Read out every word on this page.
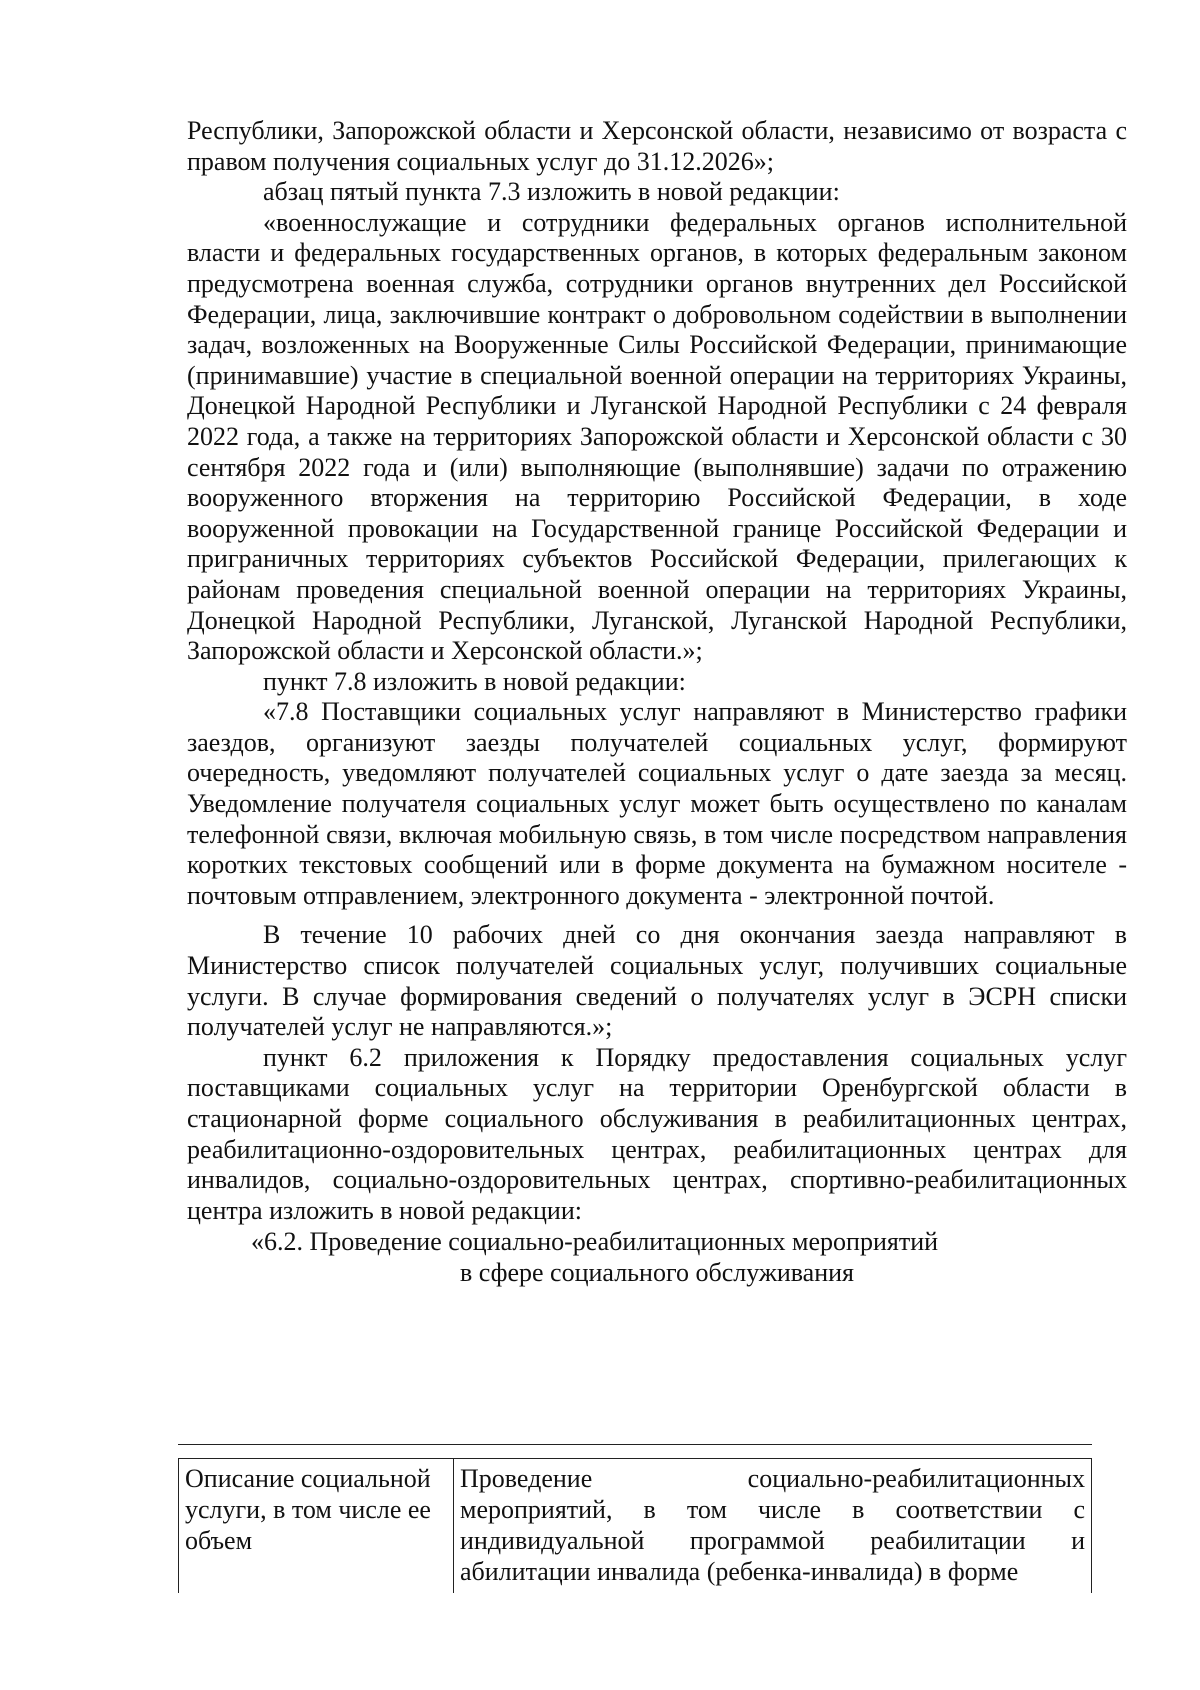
Республики, Запорожской области и Херсонской области, независимо от возраста с правом получения социальных услуг до 31.12.2026»;

абзац пятый пункта 7.3 изложить в новой редакции:

«военнослужащие и сотрудники федеральных органов исполнительной власти и федеральных государственных органов, в которых федеральным законом предусмотрена военная служба, сотрудники органов внутренних дел Российской Федерации, лица, заключившие контракт о добровольном содействии в выполнении задач, возложенных на Вооруженные Силы Российской Федерации, принимающие (принимавшие) участие в специальной военной операции на территориях Украины, Донецкой Народной Республики и Луганской Народной Республики с 24 февраля 2022 года, а также на территориях Запорожской области и Херсонской области с 30 сентября 2022 года и (или) выполняющие (выполнявшие) задачи по отражению вооруженного вторжения на территорию Российской Федерации, в ходе вооруженной провокации на Государственной границе Российской Федерации и приграничных территориях субъектов Российской Федерации, прилегающих к районам проведения специальной военной операции на территориях Украины, Донецкой Народной Республики, Луганской, Луганской Народной Республики, Запорожской области и Херсонской области.»;

пункт 7.8 изложить в новой редакции:

«7.8 Поставщики социальных услуг направляют в Министерство графики заездов, организуют заезды получателей социальных услуг, формируют очередность, уведомляют получателей социальных услуг о дате заезда за месяц. Уведомление получателя социальных услуг может быть осуществлено по каналам телефонной связи, включая мобильную связь, в том числе посредством направления коротких текстовых сообщений или в форме документа на бумажном носителе - почтовым отправлением, электронного документа - электронной почтой.

В течение 10 рабочих дней со дня окончания заезда направляют в Министерство список получателей социальных услуг, получивших социальные услуги. В случае формирования сведений о получателях услуг в ЭСРН списки получателей услуг не направляются.»;

пункт 6.2 приложения к Порядку предоставления социальных услуг поставщиками социальных услуг на территории Оренбургской области в стационарной форме социального обслуживания в реабилитационных центрах, реабилитационно-оздоровительных центрах, реабилитационных центрах для инвалидов, социально-оздоровительных центрах, спортивно-реабилитационных центра изложить в новой редакции:

«6.2. Проведение социально-реабилитационных мероприятий

в сфере социального обслуживания

Описание социальной услуги, в том числе ее объем	Проведение социально-реабилитационных мероприятий, в том числе в соответствии с индивидуальной программой реабилитации и абилитации инвалида (ребенка-инвалида) в форме
